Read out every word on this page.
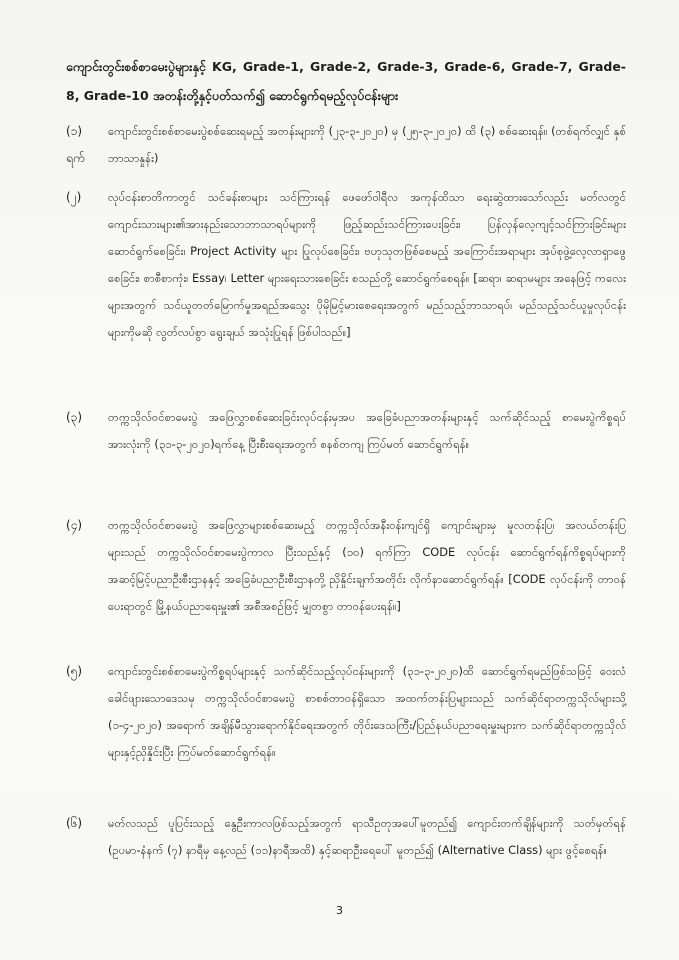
ကျောင်းတွင်းစစ်စာမေးပွဲများနှင့် KG, Grade-1, Grade-2, Grade-3, Grade-6, Grade-7, Grade-8, Grade-10 အတန်းတို့နှင့်ပတ်သက်၍ ဆောင်ရွက်ရမည့်လုပ်ငန်းများ
(၁)
ရက်
ကျောင်းတွင်းစစ်စာမေးပွဲစစ်ဆေးရမည့် အတန်းများကို (၂၃-၃-၂၀၂၀) မှ (၂၅-၃-၂၀၂၀) ထိ (၃) စစ်ဆေးရန်။ (တစ်ရက်လျှင် နှစ်ဘာသာနှုန်း)
(၂)	လုပ်ငန်းစာတိကာတွင် သင်ခန်းစာများ သင်ကြားရန် ဖေဖော်ဝါရီလ အကုန်ထိသာ ရေးဆွဲထားသော်လည်း မတ်လတွင် ကျောင်းသားများ၏အားနည်းသောဘာသာရပ်များကို ဖြည့်ဆည်းသင်ကြားပေးခြင်း၊ ပြန်လှန်လေ့ကျင့်သင်ကြားခြင်းများ ဆောင်ရွက်စေခြင်း၊ Project Activity များ ပြုလုပ်စေခြင်း၊ ဗဟုသုတဖြစ်စေမည့် အကြောင်းအရာများ အုပ်စုဖွဲ့လေ့လာရှာဖွေစေခြင်း၊ စာစီစာကုံး၊ Essay၊ Letter များရေးသားစေခြင်း စသည်တို့ ဆောင်ရွက်စေရန်။ [ဆရာ၊ ဆရာမများ အနေဖြင့် ကလေးများအတွက် သင်ယူတတ်မြောက်မှုအရည်အသွေး ပိုမိုမြင့်မားစေရေးအတွက် မည်သည့်ဘာသာရပ်၊ မည်သည့်သင်ယူမှုလုပ်ငန်းများကိုမဆို လွတ်လပ်စွာ ရွေးချယ် အသုံးပြုရန် ဖြစ်ပါသည်။]
(၃)	တက္ကသိုလ်ဝင်စာမေးပွဲ အဖြေလွှာစစ်ဆေးခြင်းလုပ်ငန်းမှအပ အခြေခံပညာအတန်းများနှင့် သက်ဆိုင်သည့် စာမေးပွဲကိစ္စရပ်အားလုံးကို (၃၁-၃-၂၀၂၀)ရက်နေ့ ပြီးစီးရေးအတွက် စနစ်တကျ ကြပ်မတ် ဆောင်ရွက်ရန်။
(၄)	တက္ကသိုလ်ဝင်စာမေးပွဲ အဖြေလွှာများစစ်ဆေးမည့် တက္ကသိုလ်အနီးဝန်းကျင်ရှိ ကျောင်းများမှ မူလတန်းပြ၊ အလယ်တန်းပြများသည် တက္ကသိုလ်ဝင်စာမေးပွဲကာလ ပြီးသည်နှင့် (၁၀) ရက်ကြာ CODE လုပ်ငန်း ဆောင်ရွက်ရန်ကိစ္စရပ်များကို အဆင့်မြင့်ပညာဦးစီးဌာနနှင့် အခြေခံပညာဦးစီးဌာနတို့ ညှိနှိုင်းချက်အတိုင်း လိုက်နာဆောင်ရွက်ရန်။ [CODE လုပ်ငန်းကို တာဝန်ပေးရာတွင် မြို့နယ်ပညာရေးမှူး၏ အစီအစဉ်ဖြင့် မျှတစွာ တာဝန်ပေးရန်။]
(၅)	ကျောင်းတွင်းစစ်စာမေးပွဲကိစ္စရပ်များနှင့် သက်ဆိုင်သည့်လုပ်ငန်းများကို (၃၁-၃-၂၀၂၀)ထိ ဆောင်ရွက်ရမည်ဖြစ်သဖြင့် ဝေးလံခေါင်ဖျားသောဒေသမှ တက္ကသိုလ်ဝင်စာမေးပွဲ စာစစ်တာဝန်ရှိသော အထက်တန်းပြများသည် သက်ဆိုင်ရာတက္ကသိုလ်များသို့ (၁-၄-၂၀၂၀) အရောက် အချိန်မီသွားရောက်နိုင်ရေးအတွက် တိုင်းဒေသကြီး/ပြည်နယ်ပညာရေးမှူးများက သက်ဆိုင်ရာတက္ကသိုလ်များနှင့်ညှိနှိုင်းပြီး ကြပ်မတ်ဆောင်ရွက်ရန်။
(၆)	မတ်လသည် ပူပြင်းသည့် နွေဦးကာလဖြစ်သည့်အတွက် ရာသီဥတုအပေါ်မူတည်၍ ကျောင်းတက်ချိန်များကို သတ်မှတ်ရန် (ဥပမာ-နံနက် (၇) နာရီမှ နေ့လည် (၁၁)နာရီအထိ) နှင့်ဆရာဦးရေပေါ် မူတည်၍ (Alternative Class) များ ဖွင့်စေရန်။
3
